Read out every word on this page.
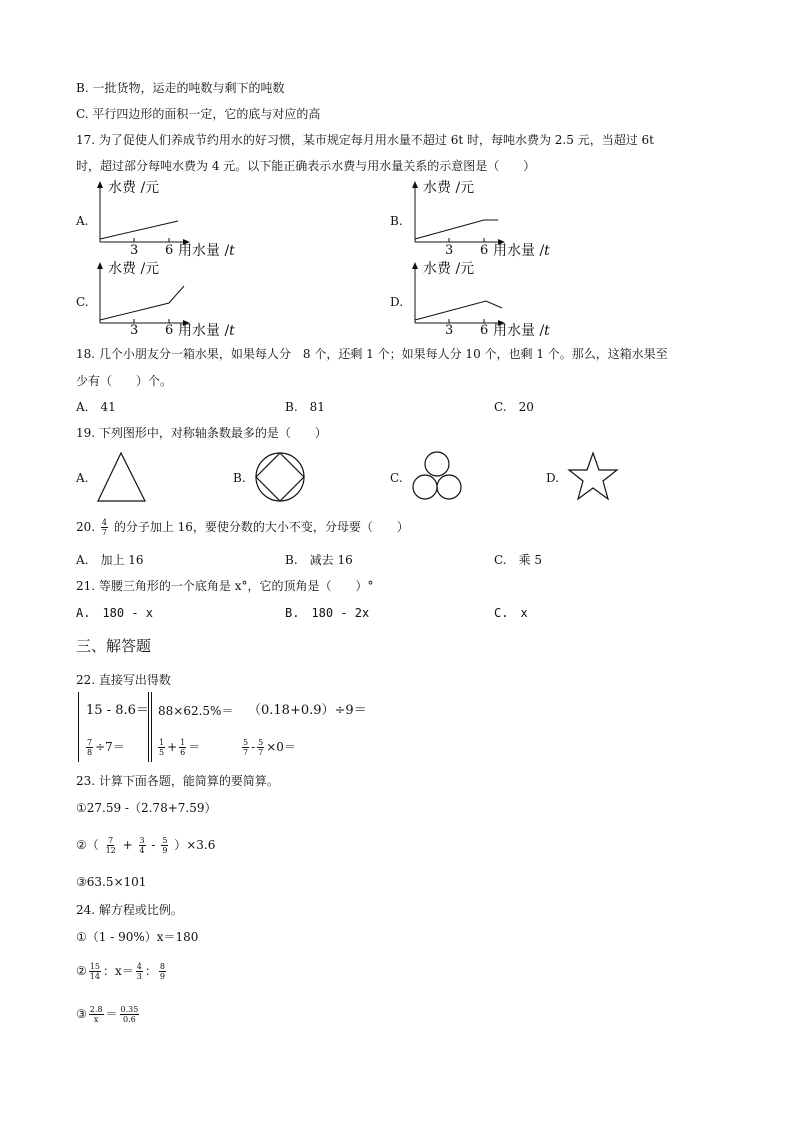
B. 一批货物，运走的吨数与剩下的吨数
C. 平行四边形的面积一定，它的底与对应的高
17. 为了促使人们养成节约用水的好习惯，某市规定每月用水量不超过 6t 时，每吨水费为 2.5 元，当超过 6t
时，超过部分每吨水费为 4 元。以下能正确表示水费与用水量关系的示意图是（　　）
A.
水费 /元
3 6 用水量 /t
B.
水费 /元
3 6 用水量 /t
C.
水费 /元
3 6 用水量 /t
D.
水费 /元
3 6 用水量 /t
18. 几个小朋友分一箱水果，如果每人分　8 个，还剩 1 个；如果每人分 10 个，也剩 1 个。那么，这箱水果至
少有（　　）个。
A.　41	B.　81	C.　20
19. 下列图形中，对称轴条数最多的是（　　）
A.	B.	C.	D.
20. $\frac{4}{7}$ 的分子加上 16，要使分数的大小不变，分母要（　　）
A.　加上 16	B.　减去 16	C.　乘 5
21. 等腰三角形的一个底角是 x°，它的顶角是（　　）°
A.　180 - x	B.　180 - 2x	C.　x
三、解答题
22. 直接写出得数
15 - 8.6＝ 88×62.5%＝ （0.18+0.9）÷9＝
$\frac{7}{8} \div 7=$	$\frac{1}{5} + \frac{1}{6}$ ＝	$\frac{5}{7} - \frac{5}{7} \times 0=$
23. 计算下面各题，能简算的要简算。
①27.59 -（2.78+7.59）
②（ $\frac{7}{12} + \frac{3}{4} - \frac{5}{9} )\times 3.6$
③63.5×101
24. 解方程或比例。
①（1 - 90%）x＝180
② $\frac{15}{14}$ ：$x= \frac{4}{3}$ ： $\frac{8}{9}$
③ $\frac{2.8}{x} = \frac{0.35}{0.6}$
